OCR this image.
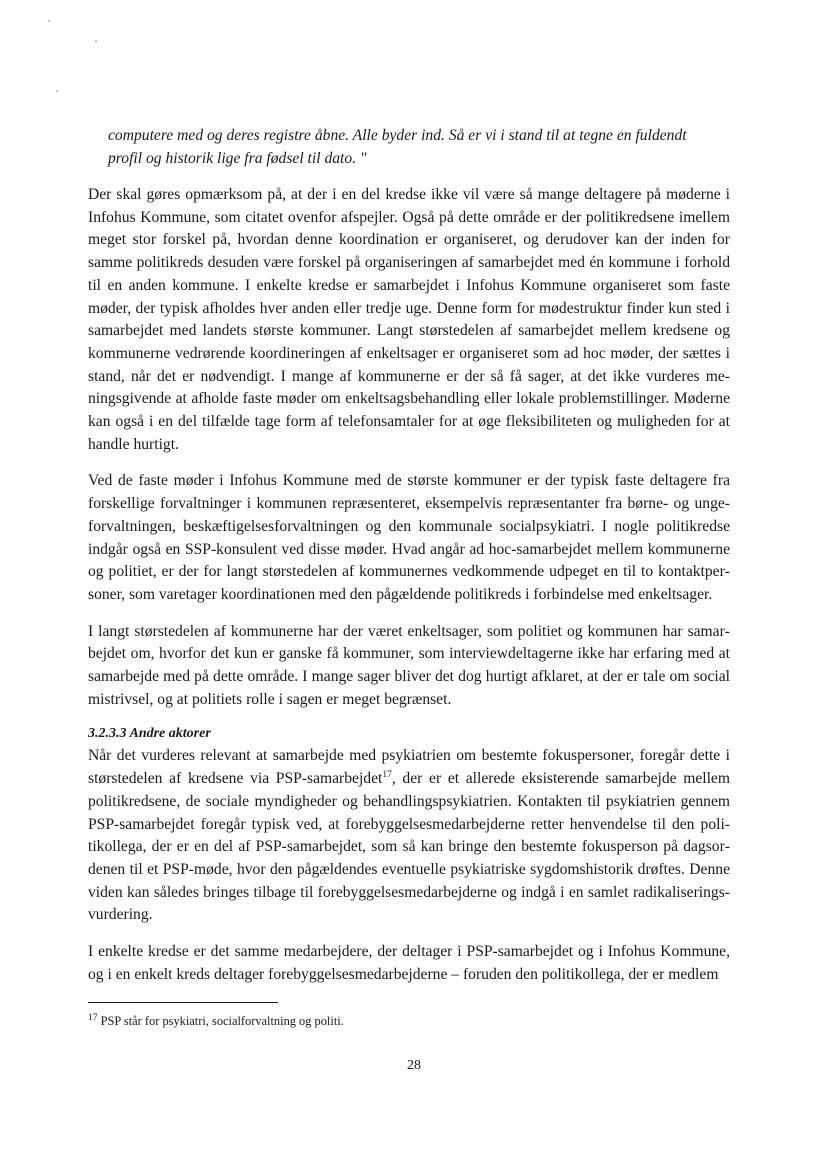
computere med og deres registre åbne. Alle byder ind. Så er vi i stand til at tegne en fuldendt
profil og historik lige fra fødsel til dato. "

Der skal gøres opmærksom på, at der i en del kredse ikke vil være så mange deltagere på møderne i Infohus Kommune, som citatet ovenfor afspejler. Også på dette område er der politikredsene imellem meget stor forskel på, hvordan denne koordination er organiseret, og derudover kan der inden for samme politikreds desuden være forskel på organiseringen af samarbejdet med én kommune i forhold til en anden kommune. I enkelte kredse er samarbejdet i Infohus Kommune organiseret som faste møder, der typisk afholdes hver anden eller tredje uge. Denne form for mødestruktur finder kun sted i samarbejdet med landets største kommuner. Langt størstedelen af samarbejdet mellem kredsene og kommunerne vedrørende koordineringen af enkeltsager er organiseret som ad hoc møder, der sættes i stand, når det er nødvendigt. I mange af kommunerne er der så få sager, at det ikke vurderes meningsgivende at afholde faste møder om enkeltsagsbehandling eller lokale problemstillinger. Møderne kan også i en del tilfælde tage form af telefonsamtaler for at øge fleksibiliteten og muligheden for at handle hurtigt.

Ved de faste møder i Infohus Kommune med de største kommuner er der typisk faste deltagere fra forskellige forvaltninger i kommunen repræsenteret, eksempelvis repræsentanter fra børne- og ungeforvaltningen, beskæftigelsesforvaltningen og den kommunale socialpsykiatri. I nogle politikredse indgår også en SSP-konsulent ved disse møder. Hvad angår ad hoc-samarbejdet mellem kommunerne og politiet, er der for langt størstedelen af kommunernes vedkommende udpeget en til to kontaktpersoner, som varetager koordinationen med den pågældende politikreds i forbindelse med enkeltsager.

I langt størstedelen af kommunerne har der været enkeltsager, som politiet og kommunen har samarbejdet om, hvorfor det kun er ganske få kommuner, som interviewdeltagerne ikke har erfaring med at samarbejde med på dette område. I mange sager bliver det dog hurtigt afklaret, at der er tale om social mistrivsel, og at politiets rolle i sagen er meget begrænset.

3.2.3.3 Andre aktorer

Når det vurderes relevant at samarbejde med psykiatrien om bestemte fokuspersoner, foregår dette i størstedelen af kredsene via PSP-samarbejdet$^{17}$, der er et allerede eksisterende samarbejde mellem politikredsene, de sociale myndigheder og behandlingspsykiatrien. Kontakten til psykiatrien gennem PSP-samarbejdet foregår typisk ved, at forebyggelsesmedarbejderne retter henvendelse til den politikollega, der er en del af PSP-samarbejdet, som så kan bringe den bestemte fokusperson på dagsordenen til et PSP-møde, hvor den pågældendes eventuelle psykiatriske sygdomshistorik drøftes. Denne viden kan således bringes tilbage til forebyggelsesmedarbejderne og indgå i en samlet radikaliseringsvurdering.

I enkelte kredse er det samme medarbejdere, der deltager i PSP-samarbejdet og i Infohus Kommune, og i en enkelt kreds deltager forebyggelsesmedarbejderne – foruden den politikollega, der er medlem

$^{17}$ PSP står for psykiatri, socialforvaltning og politi.
28
